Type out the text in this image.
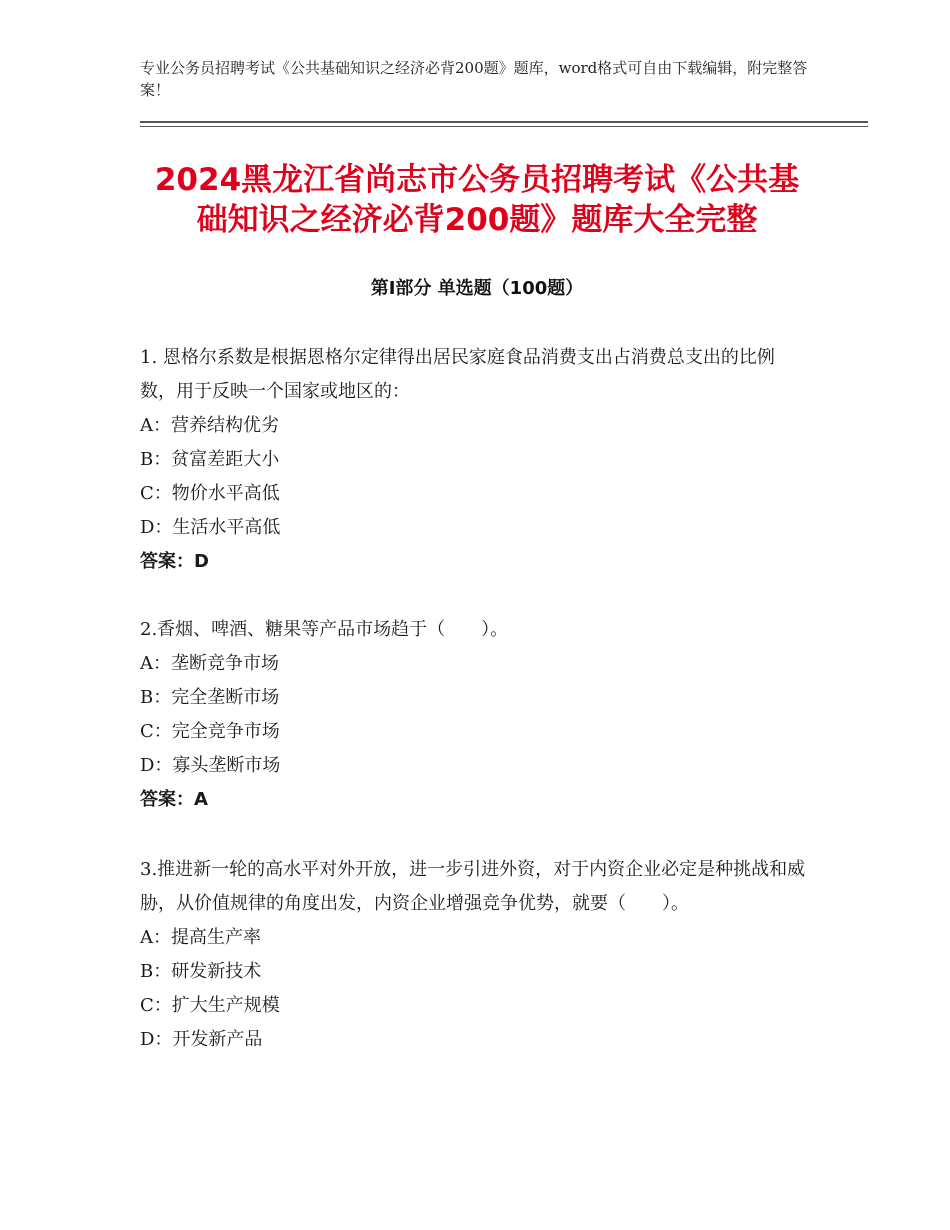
专业公务员招聘考试《公共基础知识之经济必背200题》题库，word格式可自由下载编辑，附完整答案！
2024黑龙江省尚志市公务员招聘考试《公共基础知识之经济必背200题》题库大全完整
第Ⅰ部分 单选题（100题）

1. 恩格尔系数是根据恩格尔定律得出居民家庭食品消费支出占消费总支出的比例数，用于反映一个国家或地区的：

A：营养结构优劣

B：贫富差距大小

C：物价水平高低

D：生活水平高低

答案：D

2.香烟、啤酒、糖果等产品市场趋于（　　）。

A：垄断竞争市场

B：完全垄断市场

C：完全竞争市场

D：寡头垄断市场

答案：A

3.推进新一轮的高水平对外开放，进一步引进外资，对于内资企业必定是种挑战和威胁，从价值规律的角度出发，内资企业增强竞争优势，就要（　　）。

A：提高生产率

B：研发新技术

C：扩大生产规模

D：开发新产品
